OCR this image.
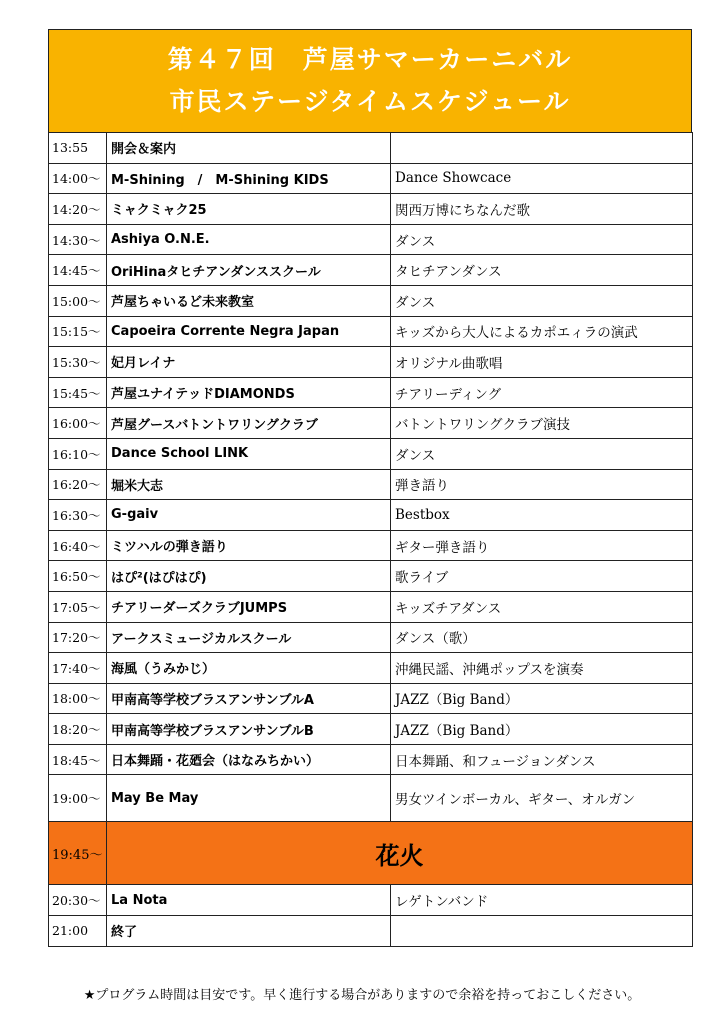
第４７回　芦屋サマーカーニバル
市民ステージタイムスケジュール
13:55	開会＆案内	
14:00～	M-Shining　/　M-Shining KIDS	Dance Showcace
14:20～	ミャクミャク25	関西万博にちなんだ歌
14:30～	Ashiya O.N.E.	ダンス
14:45～	OriHinaタヒチアンダンススクール	タヒチアンダンス
15:00～	芦屋ちゃいるど未来教室	ダンス
15:15～	Capoeira Corrente Negra Japan	キッズから大人によるカポエィラの演武
15:30～	妃月レイナ	オリジナル曲歌唱
15:45～	芦屋ユナイテッドDIAMONDS	チアリーディング
16:00～	芦屋グースバトントワリングクラブ	バトントワリングクラブ演技
16:10～	Dance School LINK	ダンス
16:20～	堀米大志	弾き語り
16:30～	G-gaiv	Bestbox
16:40～	ミツハルの弾き語り	ギター弾き語り
16:50～	はぴ²(はぴはぴ)	歌ライブ
17:05～	チアリーダーズクラブJUMPS	キッズチアダンス
17:20～	アークスミュージカルスクール	ダンス（歌）
17:40～	海風（うみかじ）	沖縄民謡、沖縄ポップスを演奏
18:00～	甲南高等学校ブラスアンサンブルA	JAZZ（Big Band）
18:20～	甲南高等学校ブラスアンサンブルB	JAZZ（Big Band）
18:45～	日本舞踊・花廼会（はなみちかい）	日本舞踊、和フュージョンダンス
19:00～	May Be May	男女ツインボーカル、ギター、オルガン
19:45～	花火	
20:30～	La Nota	レゲトンバンド
21:00	終了	
★プログラム時間は目安です。早く進行する場合がありますので余裕を持っておこしください。
